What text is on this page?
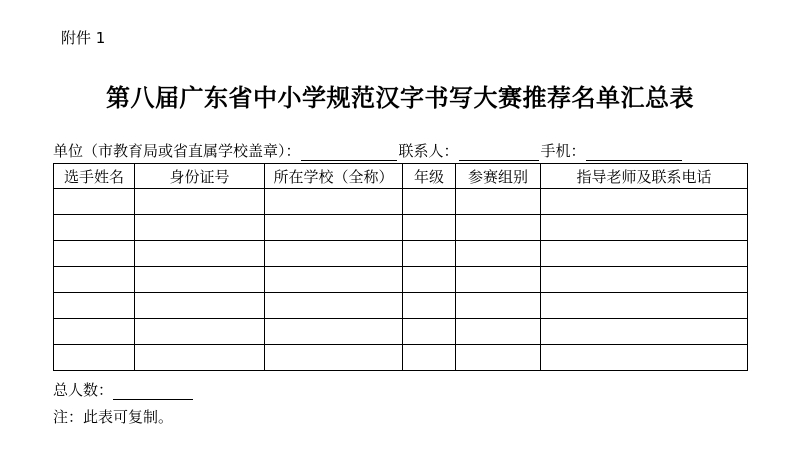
附件 1
第八届广东省中小学规范汉字书写大赛推荐名单汇总表
单位（市教育局或省直属学校盖章）：	联系人：	手机：
选手姓名	身份证号	所在学校（全称）	年级	参赛组别	指导老师及联系电话

总人数：
注：此表可复制。
